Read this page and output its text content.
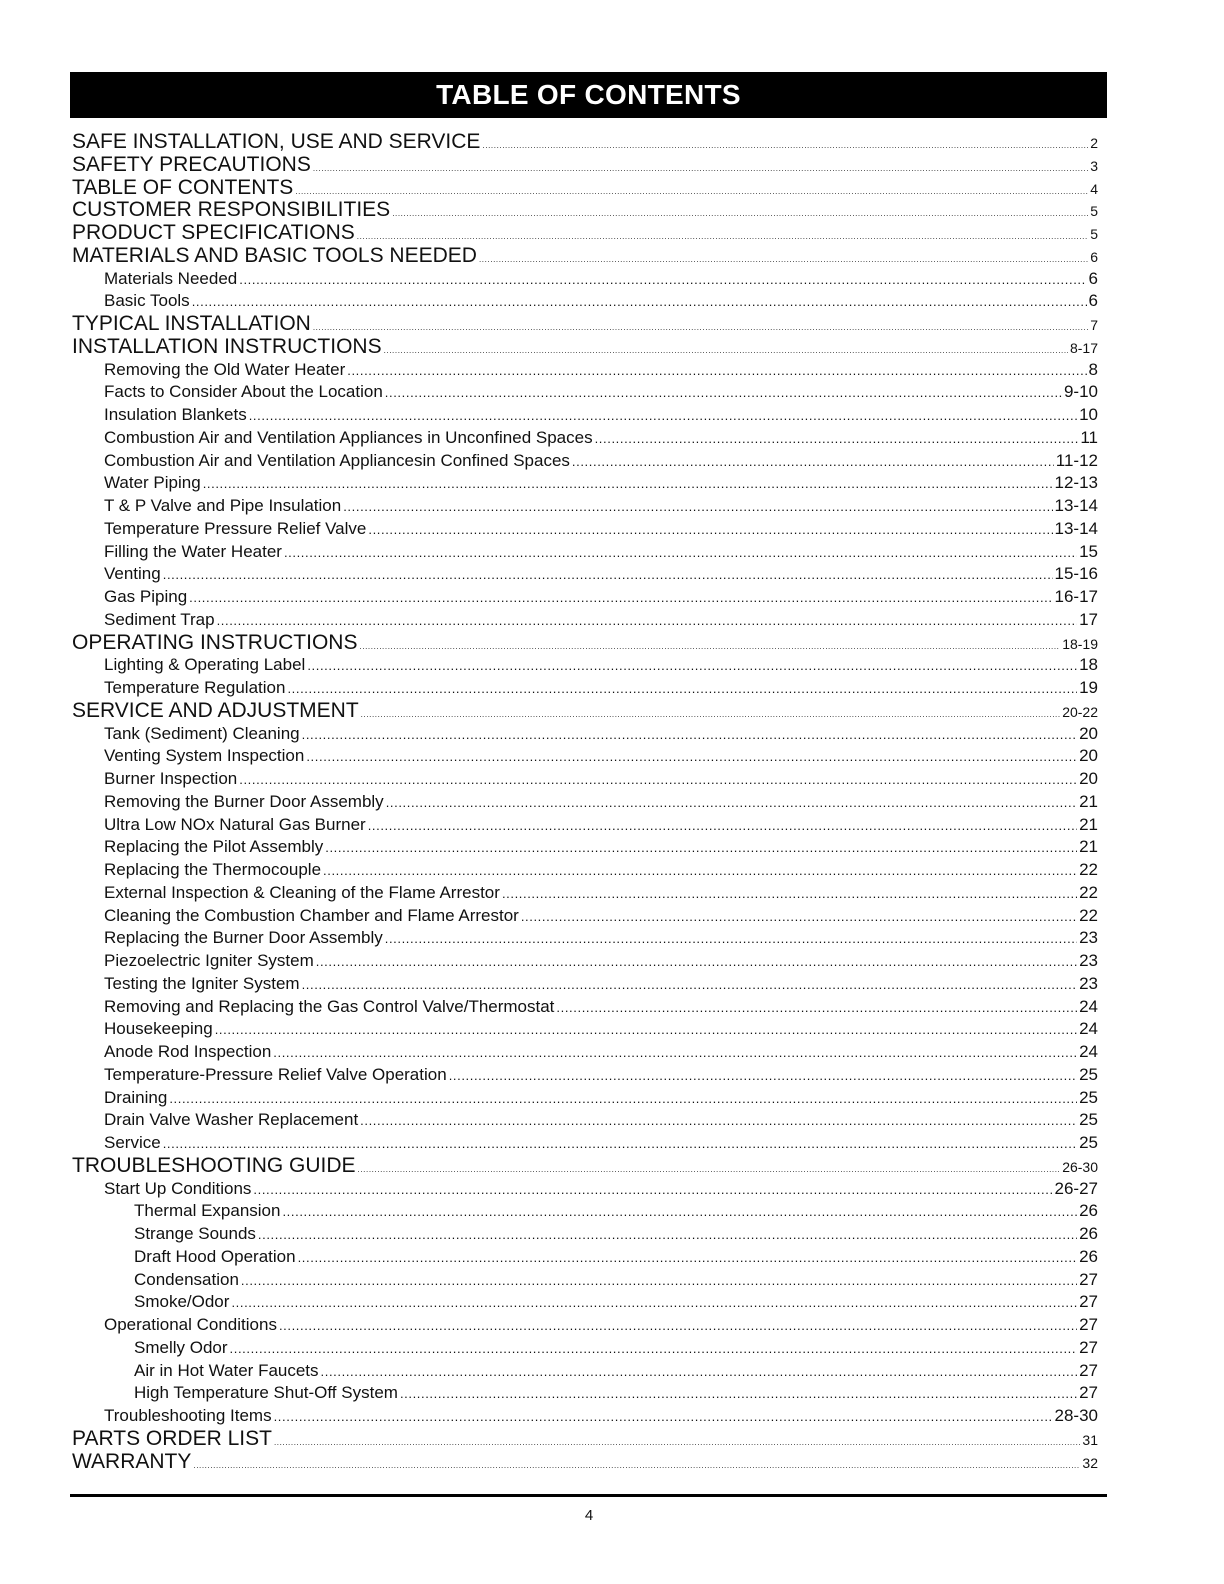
TABLE OF CONTENTS
SAFE INSTALLATION, USE AND SERVICE .....	2
SAFETY PRECAUTIONS .....	3
TABLE OF CONTENTS .....	4
CUSTOMER RESPONSIBILITIES .....	5
PRODUCT SPECIFICATIONS .....	5
MATERIALS AND BASIC TOOLS NEEDED .....	6
Materials Needed .....	6
Basic Tools .....	6
TYPICAL INSTALLATION .....	7
INSTALLATION INSTRUCTIONS .....	8-17
Removing the Old Water Heater .....	8
Facts to Consider About the Location .....	9-10
Insulation Blankets .....	10
Combustion Air and Ventilation Appliances in Unconfined Spaces .....	11
Combustion Air and Ventilation Appliancesin Confined Spaces .....	11-12
Water Piping .....	12-13
T & P Valve and Pipe Insulation .....	13-14
Temperature Pressure Relief Valve .....	13-14
Filling the Water Heater .....	15
Venting .....	15-16
Gas Piping .....	16-17
Sediment Trap .....	17
OPERATING INSTRUCTIONS .....	18-19
Lighting & Operating Label .....	18
Temperature Regulation .....	19
SERVICE AND ADJUSTMENT .....	20-22
Tank (Sediment) Cleaning .....	20
Venting System Inspection .....	20
Burner Inspection .....	20
Removing the Burner Door Assembly .....	21
Ultra Low NOx Natural Gas Burner .....	21
Replacing the Pilot Assembly .....	21
Replacing the Thermocouple .....	22
External Inspection & Cleaning of the Flame Arrestor .....	22
Cleaning the Combustion Chamber and Flame Arrestor .....	22
Replacing the Burner Door Assembly .....	23
Piezoelectric Igniter System .....	23
Testing the Igniter System .....	23
Removing and Replacing the Gas Control Valve/Thermostat .....	24
Housekeeping .....	24
Anode Rod Inspection .....	24
Temperature-Pressure Relief Valve Operation .....	25
Draining .....	25
Drain Valve Washer Replacement .....	25
Service .....	25
TROUBLESHOOTING GUIDE .....	26-30
Start Up Conditions .....	26-27
Thermal Expansion .....	26
Strange Sounds .....	26
Draft Hood Operation .....	26
Condensation .....	27
Smoke/Odor .....	27
Operational Conditions .....	27
Smelly Odor .....	27
Air in Hot Water Faucets .....	27
High Temperature Shut-Off System .....	27
Troubleshooting Items .....	28-30
PARTS ORDER LIST .....	31
WARRANTY .....	32
4
